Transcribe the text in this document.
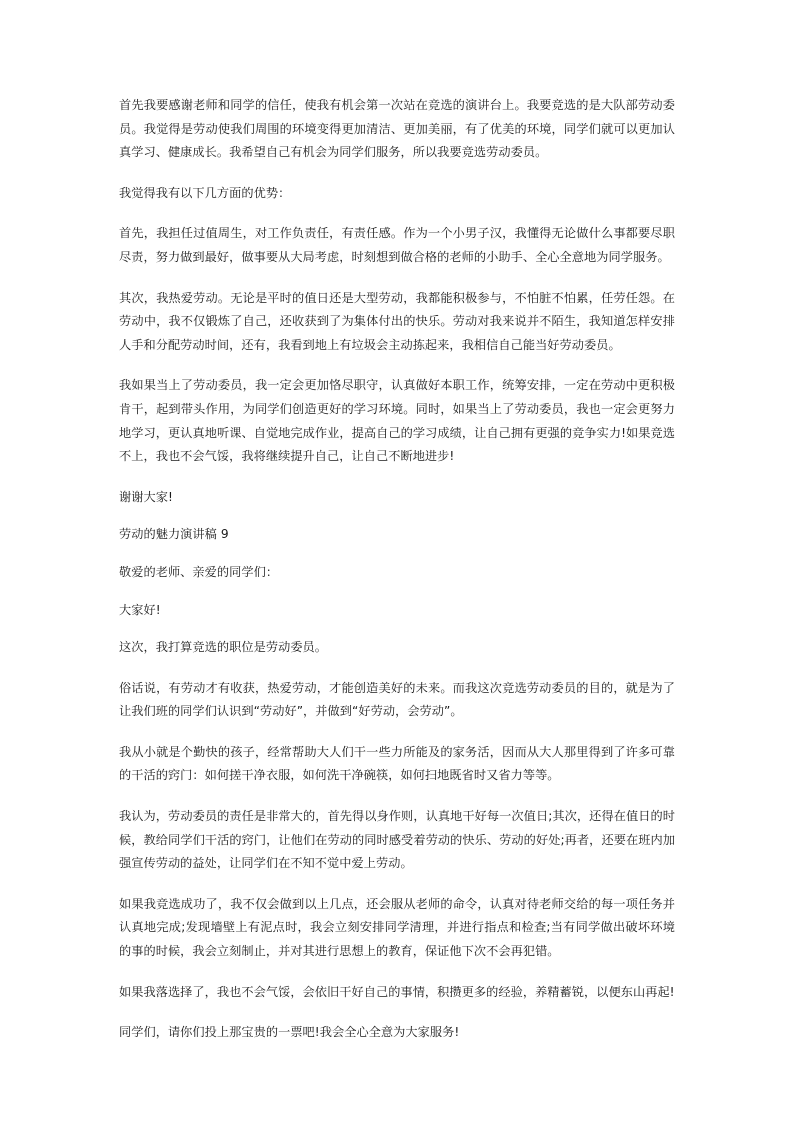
首先我要感谢老师和同学的信任，使我有机会第一次站在竞选的演讲台上。我要竞选的是大队部劳动委员。我觉得是劳动使我们周围的环境变得更加清洁、更加美丽，有了优美的环境，同学们就可以更加认真学习、健康成长。我希望自己有机会为同学们服务，所以我要竞选劳动委员。

我觉得我有以下几方面的优势：

首先，我担任过值周生，对工作负责任，有责任感。作为一个小男子汉，我懂得无论做什么事都要尽职尽责，努力做到最好，做事要从大局考虑，时刻想到做合格的老师的小助手、全心全意地为同学服务。

其次，我热爱劳动。无论是平时的值日还是大型劳动，我都能积极参与，不怕脏不怕累，任劳任怨。在劳动中，我不仅锻炼了自己，还收获到了为集体付出的快乐。劳动对我来说并不陌生，我知道怎样安排人手和分配劳动时间，还有，我看到地上有垃圾会主动拣起来，我相信自己能当好劳动委员。

我如果当上了劳动委员，我一定会更加恪尽职守，认真做好本职工作，统筹安排，一定在劳动中更积极肯干，起到带头作用，为同学们创造更好的学习环境。同时，如果当上了劳动委员，我也一定会更努力地学习，更认真地听课、自觉地完成作业，提高自己的学习成绩，让自己拥有更强的竞争实力!如果竞选不上，我也不会气馁，我将继续提升自己，让自己不断地进步!

谢谢大家!

劳动的魅力演讲稿 9

敬爱的老师、亲爱的同学们：

大家好!

这次，我打算竞选的职位是劳动委员。

俗话说，有劳动才有收获，热爱劳动，才能创造美好的未来。而我这次竞选劳动委员的目的，就是为了让我们班的同学们认识到“劳动好”，并做到“好劳动，会劳动”。

我从小就是个勤快的孩子，经常帮助大人们干一些力所能及的家务活，因而从大人那里得到了许多可靠的干活的窍门：如何搓干净衣服，如何洗干净碗筷，如何扫地既省时又省力等等。

我认为，劳动委员的责任是非常大的，首先得以身作则，认真地干好每一次值日;其次，还得在值日的时候，教给同学们干活的窍门，让他们在劳动的同时感受着劳动的快乐、劳动的好处;再者，还要在班内加强宣传劳动的益处，让同学们在不知不觉中爱上劳动。

如果我竞选成功了，我不仅会做到以上几点，还会服从老师的命令，认真对待老师交给的每一项任务并认真地完成;发现墙壁上有泥点时，我会立刻安排同学清理，并进行指点和检查;当有同学做出破坏环境的事的时候，我会立刻制止，并对其进行思想上的教育，保证他下次不会再犯错。

如果我落选择了，我也不会气馁，会依旧干好自己的事情，积攒更多的经验，养精蓄锐，以便东山再起!

同学们，请你们投上那宝贵的一票吧!我会全心全意为大家服务!
